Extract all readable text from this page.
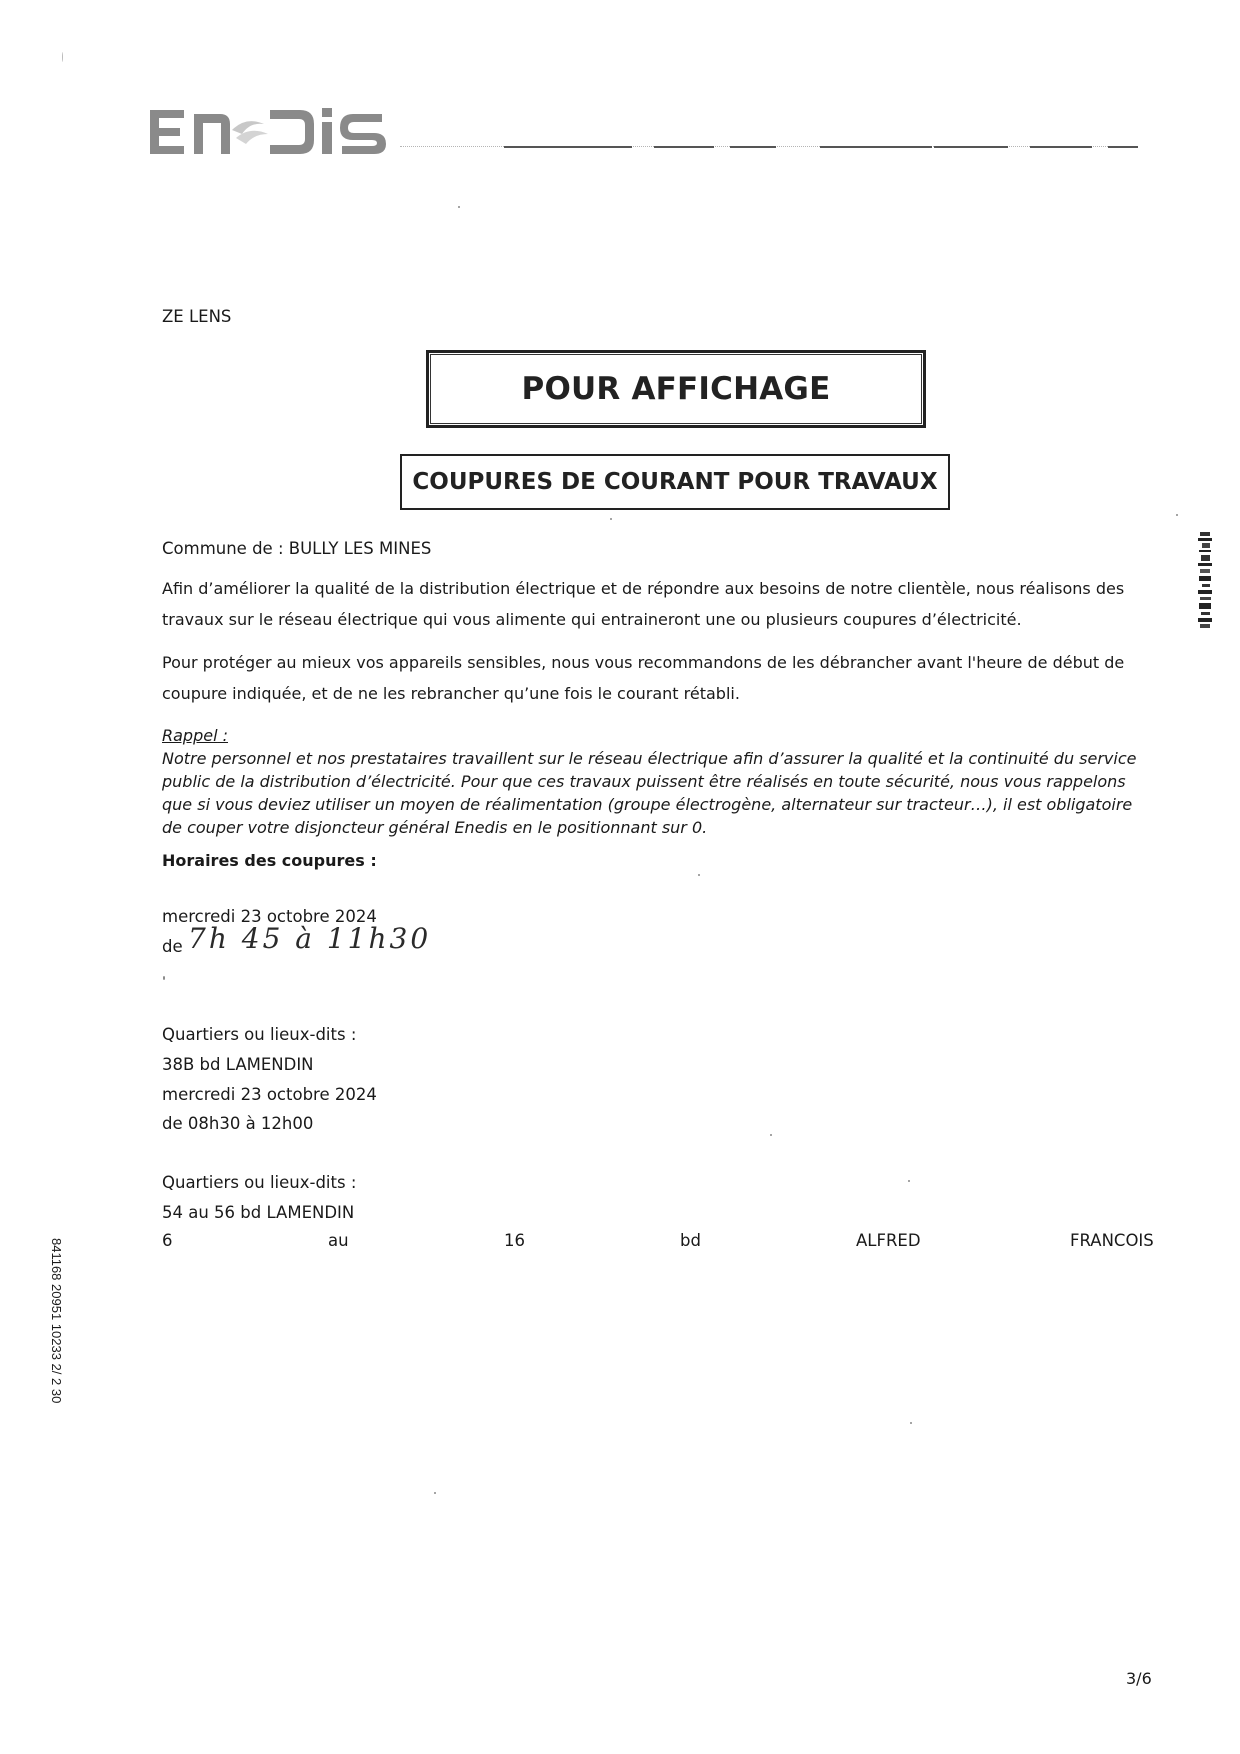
ZE LENS
POUR AFFICHAGE
COUPURES DE COURANT POUR TRAVAUX
Commune de : BULLY LES MINES
Afin d’améliorer la qualité de la distribution électrique et de répondre aux besoins de notre clientèle, nous réalisons des travaux sur le réseau électrique qui vous alimente qui entraineront une ou plusieurs coupures d’électricité.
Pour protéger au mieux vos appareils sensibles, nous vous recommandons de les débrancher avant l'heure de début de coupure indiquée, et de ne les rebrancher qu’une fois le courant rétabli.
Rappel :
Notre personnel et nos prestataires travaillent sur le réseau électrique afin d’assurer la qualité et la continuité du service public de la distribution d’électricité. Pour que ces travaux puissent être réalisés en toute sécurité, nous vous rappelons que si vous deviez utiliser un moyen de réalimentation (groupe électrogène, alternateur sur tracteur…), il est obligatoire de couper votre disjoncteur général Enedis en le positionnant sur 0.
Horaires des coupures :
mercredi 23 octobre 2024
de 7h 45 à 11h30
Quartiers ou lieux-dits :
38B bd LAMENDIN
mercredi 23 octobre 2024
de 08h30 à 12h00
Quartiers ou lieux-dits :
54 au 56 bd LAMENDIN
6	au	16	bd	ALFRED	FRANCOIS
3/6
841168 20951 10233 2/ 2 30
